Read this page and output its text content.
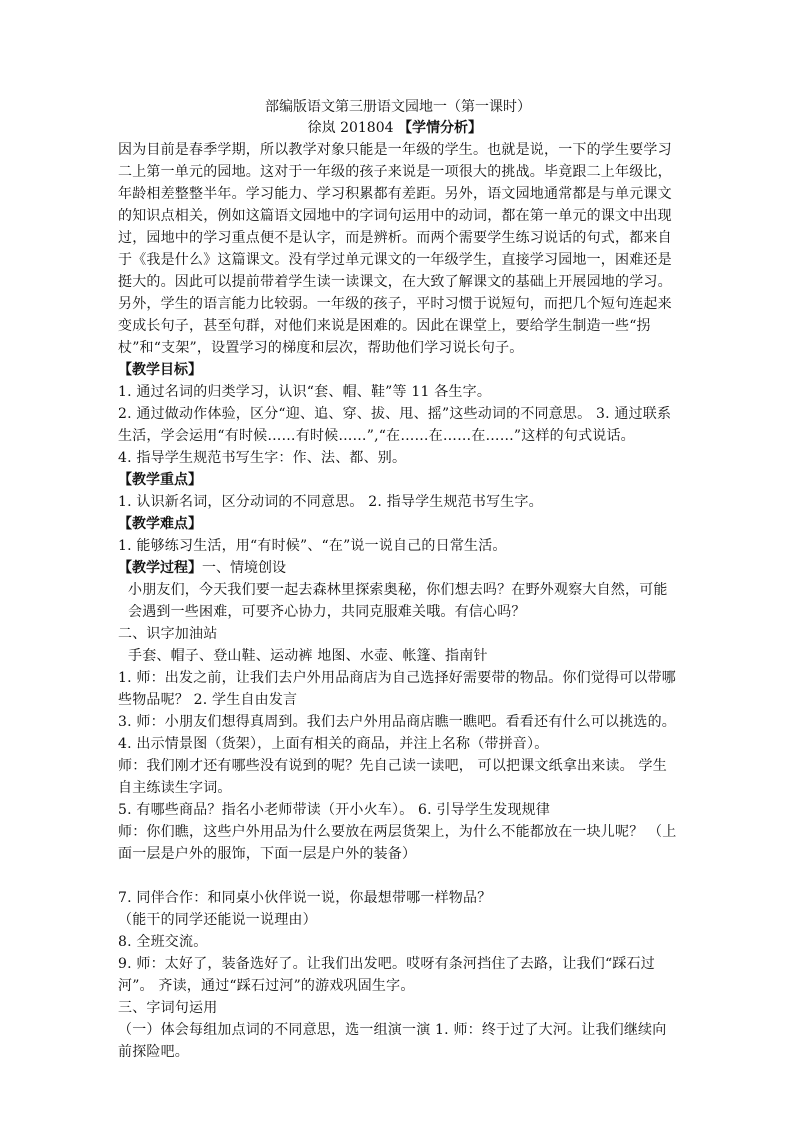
部编版语文第三册语文园地一（第一课时）
徐岚 201804 【学情分析】

因为目前是春季学期，所以教学对象只能是一年级的学生。也就是说，一下的学生要学习二上第一单元的园地。这对于一年级的孩子来说是一项很大的挑战。毕竟跟二上年级比，年龄相差整整半年。学习能力、学习积累都有差距。另外，语文园地通常都是与单元课文的知识点相关，例如这篇语文园地中的字词句运用中的动词，都在第一单元的课文中出现过，园地中的学习重点便不是认字，而是辨析。而两个需要学生练习说话的句式，都来自于《我是什么》这篇课文。没有学过单元课文的一年级学生，直接学习园地一，困难还是挺大的。因此可以提前带着学生读一读课文，在大致了解课文的基础上开展园地的学习。

另外，学生的语言能力比较弱。一年级的孩子，平时习惯于说短句，而把几个短句连起来变成长句子，甚至句群，对他们来说是困难的。因此在课堂上，要给学生制造一些“拐杖”和“支架”，设置学习的梯度和层次，帮助他们学习说长句子。

【教学目标】

1. 通过名词的归类学习，认识“套、帽、鞋”等 11 各生字。

2. 通过做动作体验，区分“迎、追、穿、拔、甩、摇”这些动词的不同意思。 3. 通过联系生活，学会运用“有时候……有时候……”,“在……在……在……”这样的句式说话。

4. 指导学生规范书写生字：作、法、都、别。

【教学重点】

1. 认识新名词，区分动词的不同意思。 2. 指导学生规范书写生字。

【教学难点】

1. 能够练习生活，用“有时候”、“在”说一说自己的日常生活。

【教学过程】一、情境创设

小朋友们，今天我们要一起去森林里探索奥秘，你们想去吗？在野外观察大自然，可能会遇到一些困难，可要齐心协力，共同克服难关哦。有信心吗？

二、识字加油站

手套、帽子、登山鞋、运动裤 地图、水壶、帐篷、指南针

1. 师：出发之前，让我们去户外用品商店为自己选择好需要带的物品。你们觉得可以带哪些物品呢？ 2. 学生自由发言

3. 师：小朋友们想得真周到。我们去户外用品商店瞧一瞧吧。看看还有什么可以挑选的。

4. 出示情景图（货架），上面有相关的商品，并注上名称（带拼音）。

师：我们刚才还有哪些没有说到的呢？先自己读一读吧， 可以把课文纸拿出来读。 学生自主练读生字词。

5. 有哪些商品？指名小老师带读（开小火车）。 6. 引导学生发现规律

师：你们瞧，这些户外用品为什么要放在两层货架上，为什么不能都放在一块儿呢？ （上面一层是户外的服饰，下面一层是户外的装备）

7. 同伴合作：和同桌小伙伴说一说，你最想带哪一样物品？

（能干的同学还能说一说理由）

8. 全班交流。

9. 师：太好了，装备选好了。让我们出发吧。哎呀有条河挡住了去路，让我们“踩石过河”。 齐读，通过“踩石过河”的游戏巩固生字。

三、字词句运用

（一）体会每组加点词的不同意思，选一组演一演 1. 师：终于过了大河。让我们继续向前探险吧。
